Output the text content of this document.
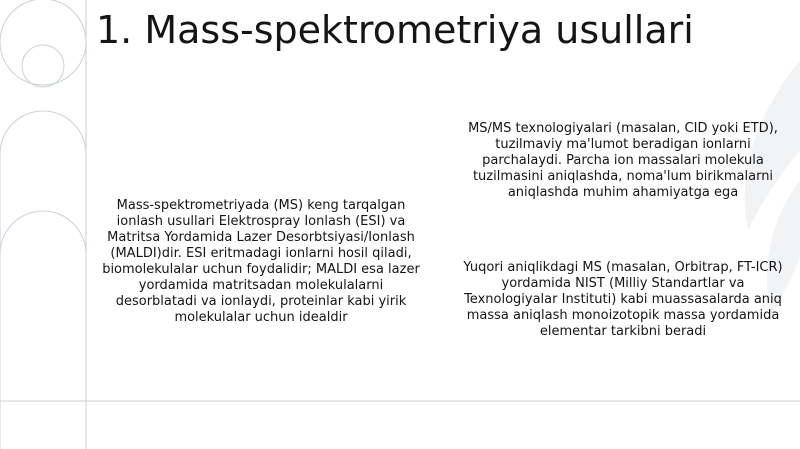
1. Mass-spektrometriya usullari

Mass-spektrometriyada (MS) keng tarqalgan ionlash usullari Elektrospray Ionlash (ESI) va Matritsa Yordamida Lazer Desorbtsiyasi/Ionlash (MALDI)dir. ESI eritmadagi ionlarni hosil qiladi, biomolekulalar uchun foydalidir; MALDI esa lazer yordamida matritsadan molekulalarni desorblatadi va ionlaydi, proteinlar kabi yirik molekulalar uchun idealdir

MS/MS texnologiyalari (masalan, CID yoki ETD), tuzilmaviy ma'lumot beradigan ionlarni parchalaydi. Parcha ion massalari molekula tuzilmasini aniqlashda, noma'lum birikmalarni aniqlashda muhim ahamiyatga ega

Yuqori aniqlikdagi MS (masalan, Orbitrap, FT-ICR) yordamida NIST (Milliy Standartlar va Texnologiyalar Instituti) kabi muassasalarda aniq massa aniqlash monoizotopik massa yordamida elementar tarkibni beradi
